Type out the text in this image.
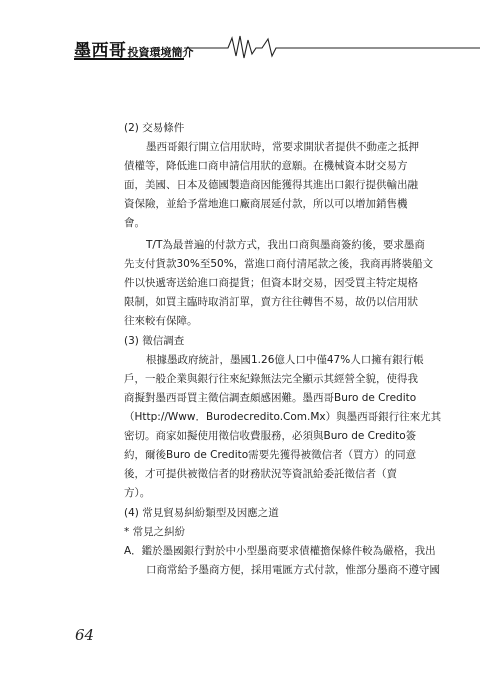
墨西哥 投資環境簡介
(2) 交易條件
墨西哥銀行開立信用狀時，常要求開狀者提供不動產之抵押
債權等，降低進口商申請信用狀的意願。在機械資本財交易方
面，美國、日本及德國製造商因能獲得其進出口銀行提供輸出融
資保險，並給予當地進口廠商展延付款，所以可以增加銷售機
會。
T/T為最普遍的付款方式，我出口商與墨商簽約後，要求墨商
先支付貨款30%至50%，當進口商付清尾款之後，我商再將裝船文
件以快遞寄送給進口商提貨；但資本財交易，因受買主特定規格
限制，如買主臨時取消訂單，賣方往往轉售不易，故仍以信用狀
往來較有保障。
(3) 徵信調查
根據墨政府統計，墨國1.26億人口中僅47%人口擁有銀行帳
戶，一般企業與銀行往來紀錄無法完全顯示其經營全貌，使得我
商擬對墨西哥買主徵信調查頗感困難。墨西哥Buro de Credito
（Http://Www．Burodecredito.Com.Mx）與墨西哥銀行往來尤其
密切。商家如擬使用徵信收費服務，必須與Buro de Credito簽
約，爾後Buro de Credito需要先獲得被徵信者（買方）的同意
後，才可提供被徵信者的財務狀況等資訊給委託徵信者（賣
方）。
(4) 常見貿易糾紛類型及因應之道
* 常見之糾紛
A．鑑於墨國銀行對於中小型墨商要求債權擔保條件較為嚴格，我出
口商常給予墨商方便，採用電匯方式付款，惟部分墨商不遵守國
64
